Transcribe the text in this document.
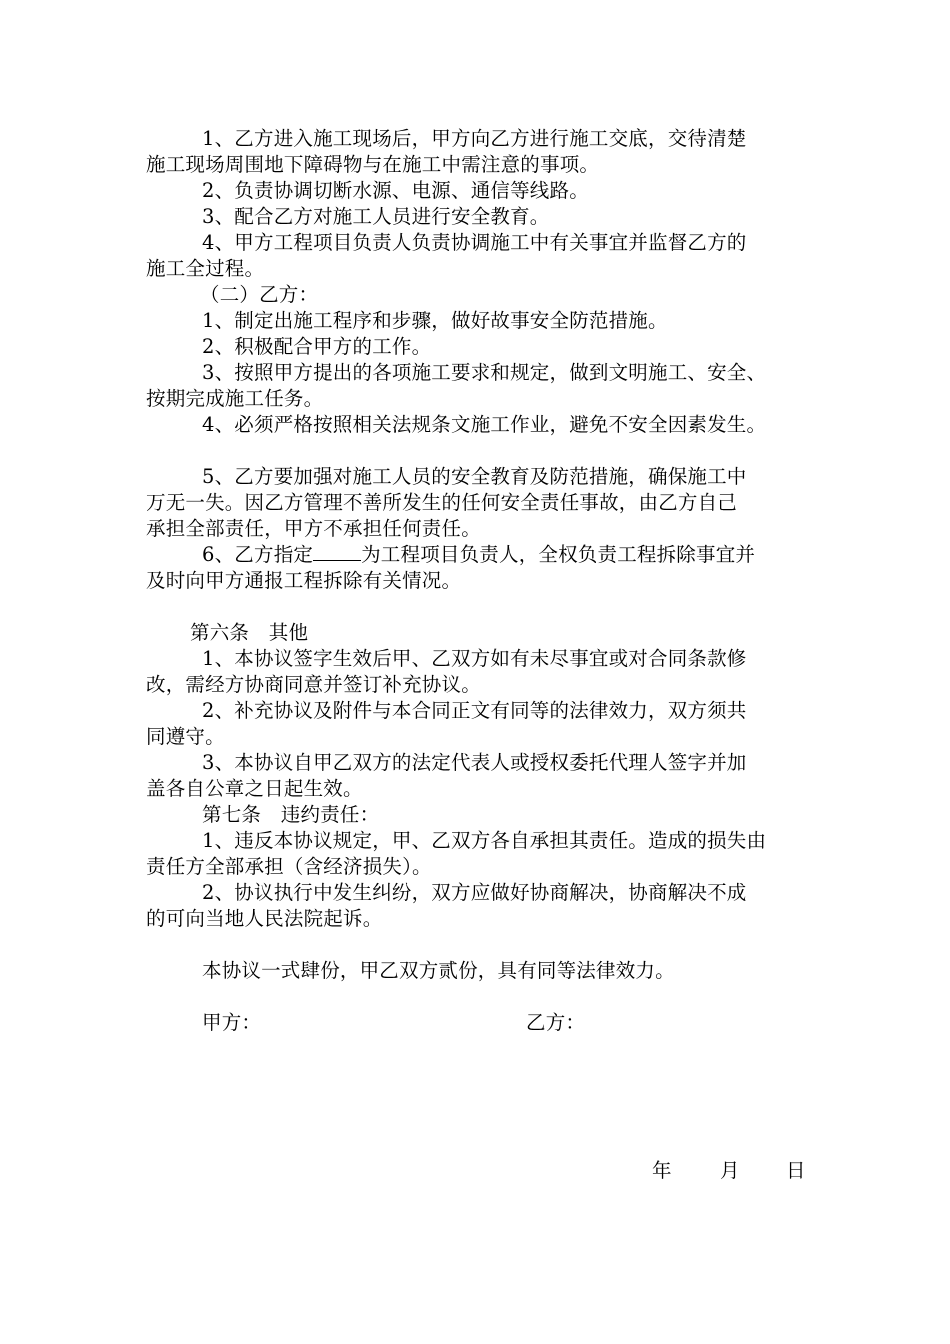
1、乙方进入施工现场后，甲方向乙方进行施工交底，交待清楚
施工现场周围地下障碍物与在施工中需注意的事项。
2、负责协调切断水源、电源、通信等线路。
3、配合乙方对施工人员进行安全教育。
4、甲方工程项目负责人负责协调施工中有关事宜并监督乙方的
施工全过程。
（二）乙方：
1、制定出施工程序和步骤，做好故事安全防范措施。
2、积极配合甲方的工作。
3、按照甲方提出的各项施工要求和规定，做到文明施工、安全、
按期完成施工任务。
4、必须严格按照相关法规条文施工作业，避免不安全因素发生。
5、乙方要加强对施工人员的安全教育及防范措施，确保施工中
万无一失。因乙方管理不善所发生的任何安全责任事故，由乙方自己
承担全部责任，甲方不承担任何责任。
6、乙方指定 为工程项目负责人，全权负责工程拆除事宜并
及时向甲方通报工程拆除有关情况。
第六条　其他
1、本协议签字生效后甲、乙双方如有未尽事宜或对合同条款修
改，需经方协商同意并签订补充协议。
2、补充协议及附件与本合同正文有同等的法律效力，双方须共
同遵守。
3、本协议自甲乙双方的法定代表人或授权委托代理人签字并加
盖各自公章之日起生效。
第七条　违约责任：
1、违反本协议规定，甲、乙双方各自承担其责任。造成的损失由
责任方全部承担（含经济损失）。
2、协议执行中发生纠纷，双方应做好协商解决，协商解决不成
的可向当地人民法院起诉。
本协议一式肆份，甲乙双方贰份，具有同等法律效力。
甲方：	乙方：
年 月 日
